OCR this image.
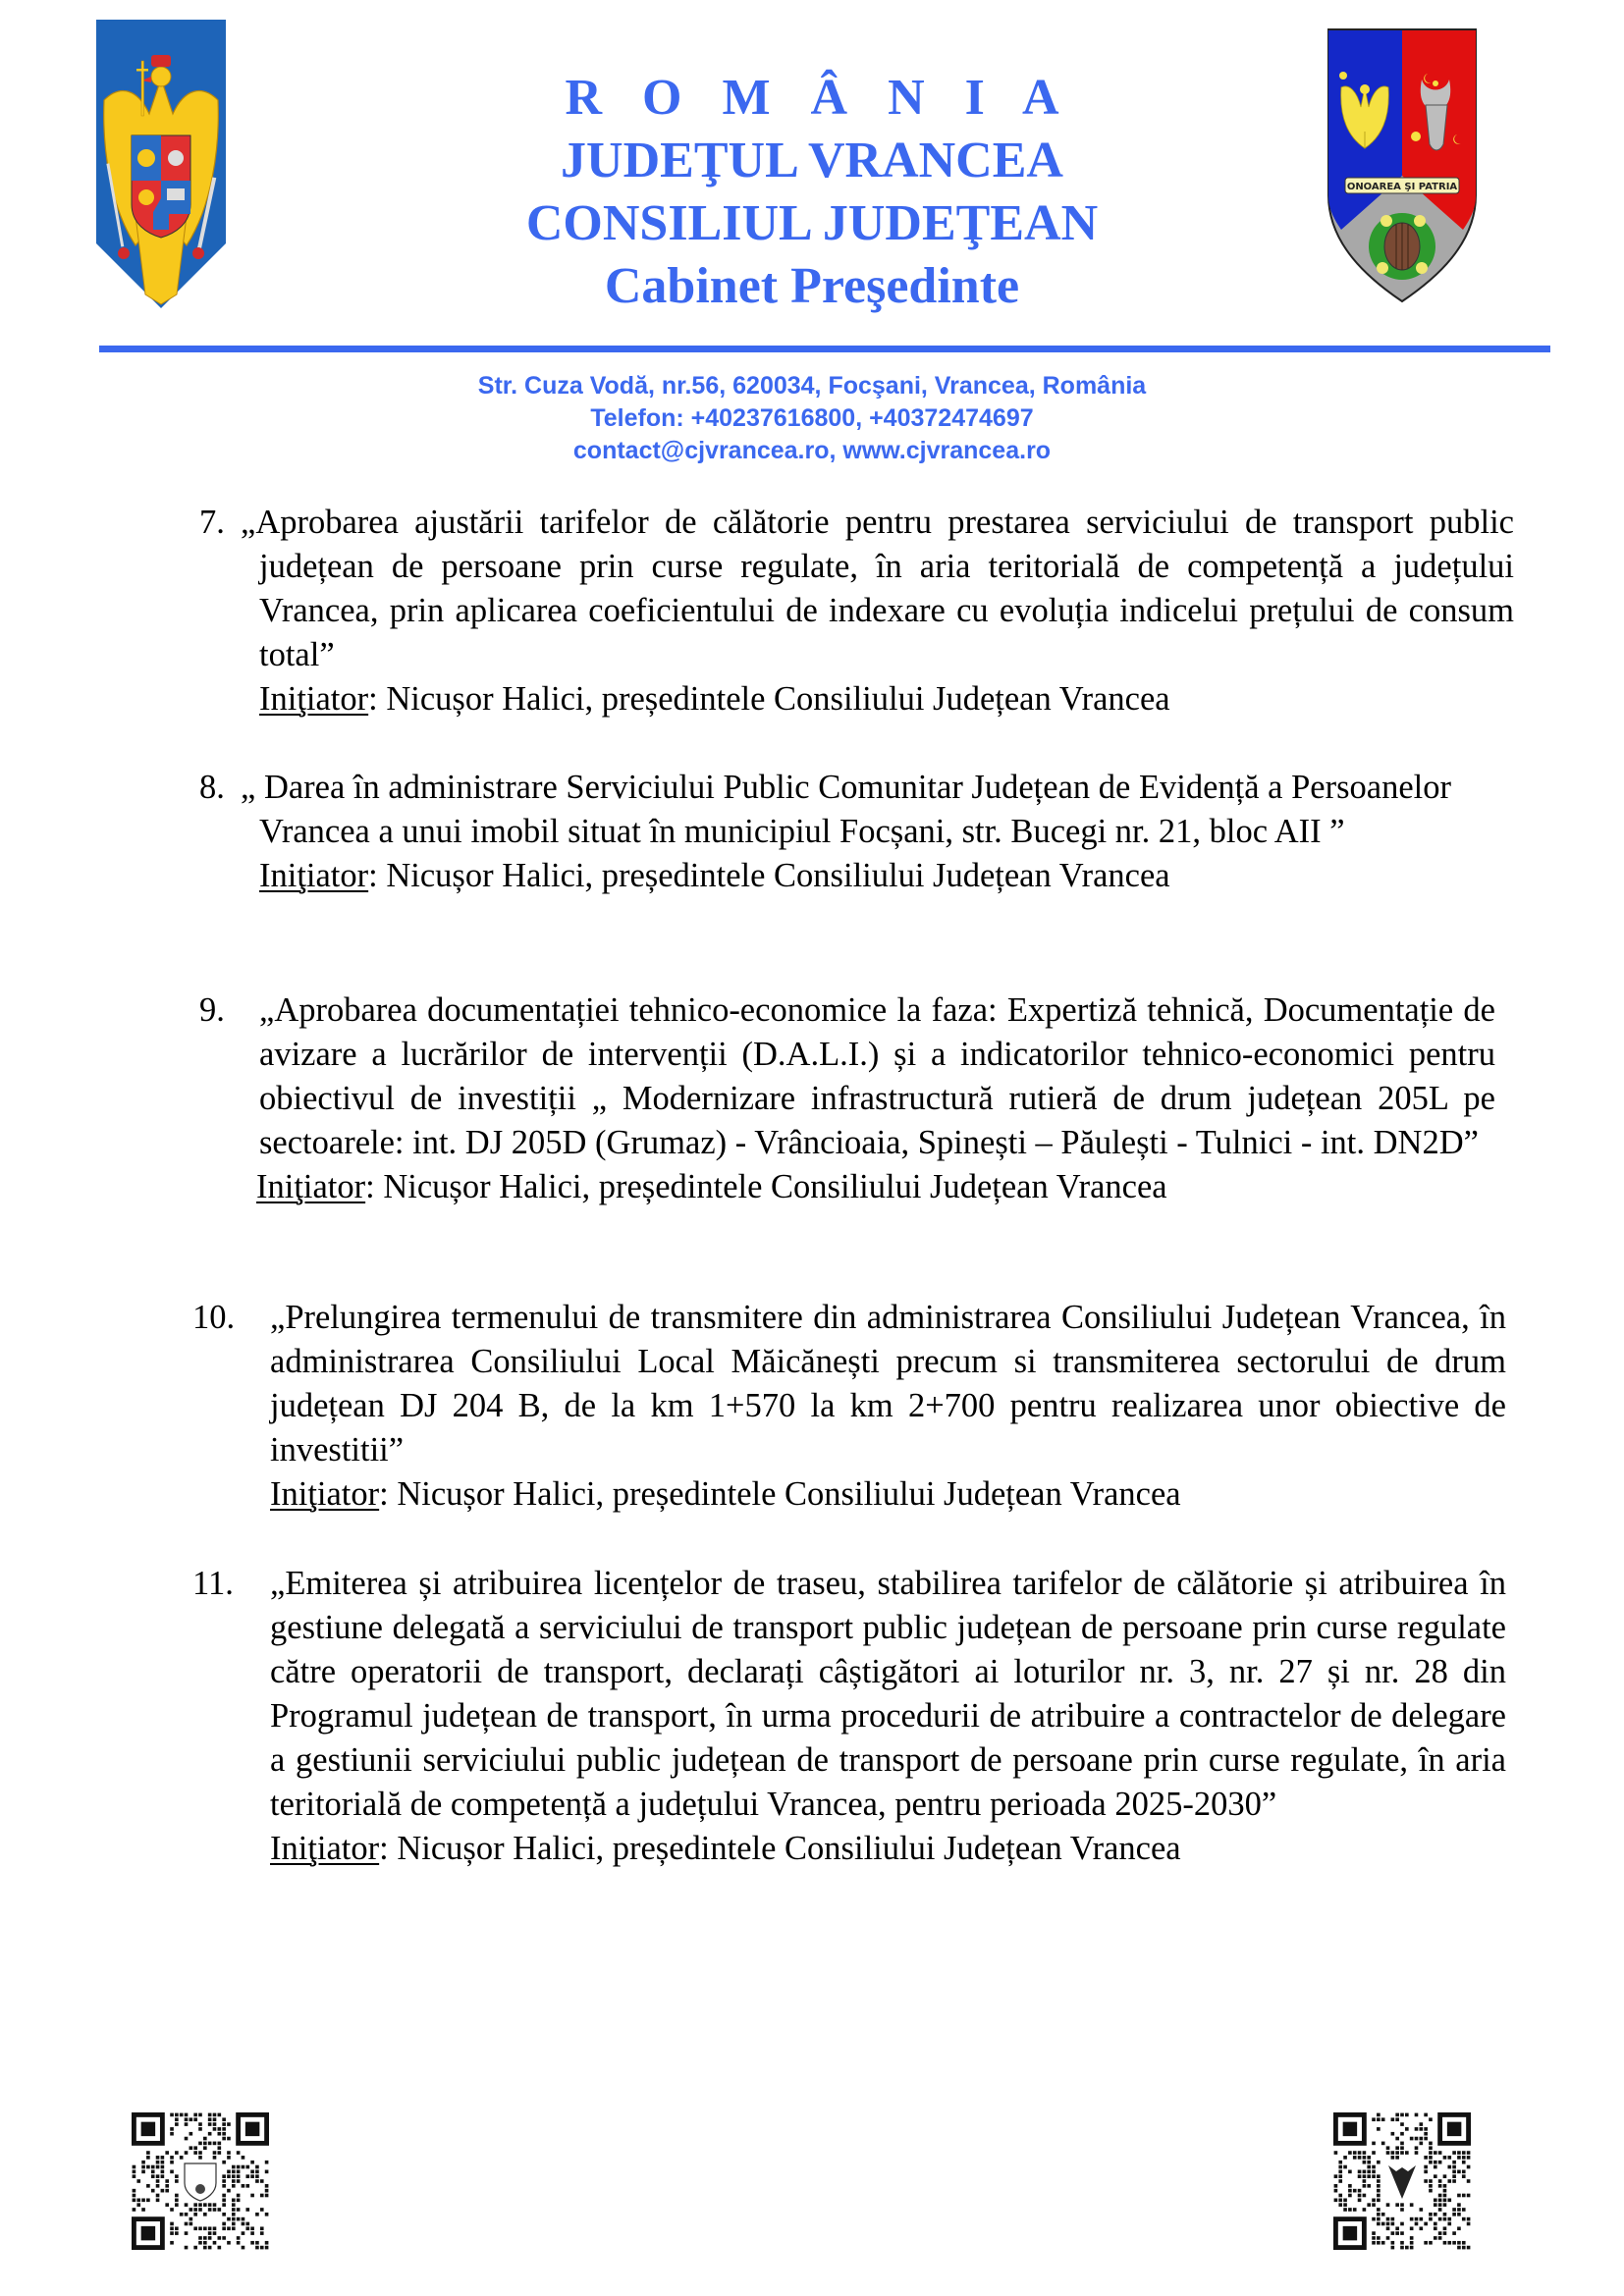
R O M Â N I A
JUDEŢUL VRANCEA
CONSILIUL JUDEŢEAN
Cabinet Preşedinte
ONOAREA ŞI PATRIA
Str. Cuza Vodă, nr.56, 620034, Focşani, Vrancea, România
Telefon: +40237616800, +40372474697
contact@cjvrancea.ro, www.cjvrancea.ro
7. „Aprobarea ajustării tarifelor de călătorie pentru prestarea serviciului de transport public județean de persoane prin curse regulate, în aria teritorială de competență a județului Vrancea, prin aplicarea coeficientului de indexare cu evoluția indicelui prețului de consum total”
Iniţiator: Nicușor Halici, președintele Consiliului Județean Vrancea
8. „ Darea în administrare Serviciului Public Comunitar Județean de Evidență a Persoanelor Vrancea a unui imobil situat în municipiul Focșani, str. Bucegi nr. 21, bloc AII ”
Iniţiator: Nicușor Halici, președintele Consiliului Județean Vrancea
9. „Aprobarea documentației tehnico-economice la faza: Expertiză tehnică, Documentație de avizare a lucrărilor de intervenții (D.A.L.I.) și a indicatorilor tehnico-economici pentru obiectivul de investiții „ Modernizare infrastructură rutieră de drum județean 205L pe sectoarele: int. DJ 205D (Grumaz) - Vrâncioaia, Spinești – Păulești - Tulnici - int. DN2D”
Iniţiator: Nicușor Halici, președintele Consiliului Județean Vrancea
10. „Prelungirea termenului de transmitere din administrarea Consiliului Județean Vrancea, în administrarea Consiliului Local Măicănești precum si transmiterea sectorului de drum județean DJ 204 B, de la km 1+570 la km 2+700 pentru realizarea unor obiective de investitii”
Iniţiator: Nicușor Halici, președintele Consiliului Județean Vrancea
11. „Emiterea și atribuirea licențelor de traseu, stabilirea tarifelor de călătorie și atribuirea în gestiune delegată a serviciului de transport public județean de persoane prin curse regulate către operatorii de transport, declarați câștigători ai loturilor nr. 3, nr. 27 și nr. 28 din Programul județean de transport, în urma procedurii de atribuire a contractelor de delegare a gestiunii serviciului public județean de transport de persoane prin curse regulate, în aria teritorială de competență a județului Vrancea, pentru perioada 2025-2030”
Iniţiator: Nicușor Halici, președintele Consiliului Județean Vrancea
